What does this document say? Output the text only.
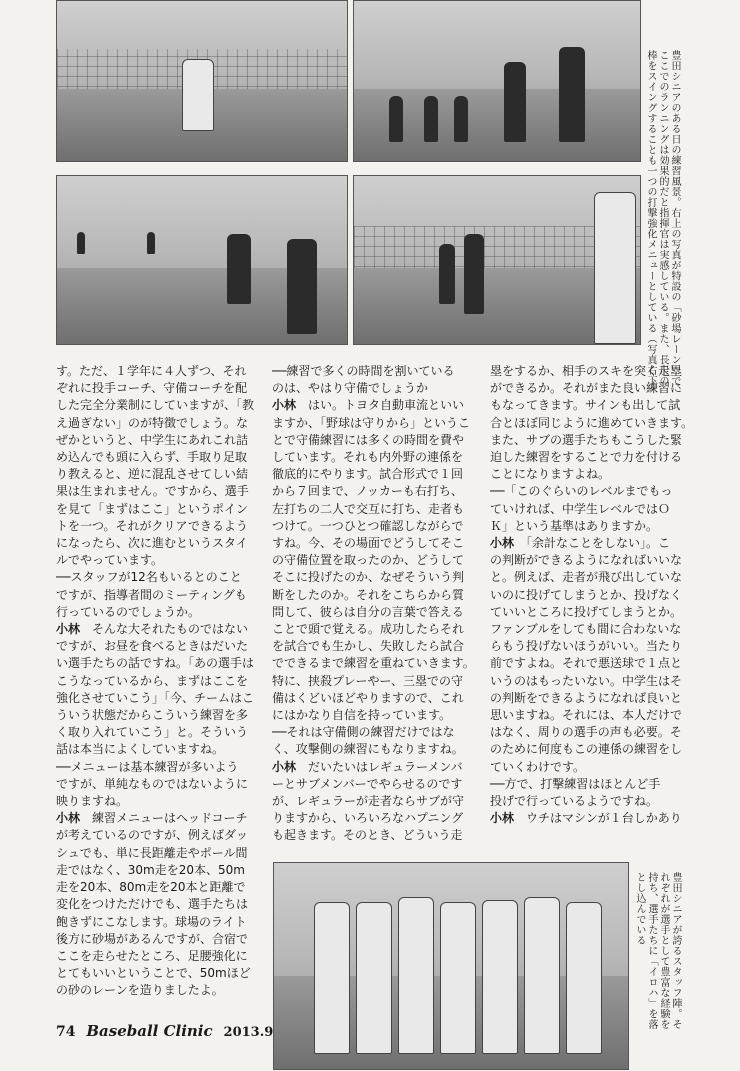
豊田シニアのある日の練習風景。右上の写真が特設の「砂場レーン」で、
ここでのランニングは効果的だと指揮官は実感している。また、長尺の
棒をスイングすることも一つの打撃強化メニューとしている（写真右下）
す。ただ、１学年に４人ずつ、それ
ぞれに投手コーチ、守備コーチを配
した完全分業制にしていますが、「教
え過ぎない」のが特徴でしょう。な
ぜかというと、中学生にあれこれ詰
め込んでも頭に入らず、手取り足取
り教えると、逆に混乱させてしい結
果は生まれません。ですから、選手
を見て「まずはここ」というポイン
トを一つ。それがクリアできるよう
になったら、次に進むというスタイ
ルでやっています。
──スタッフが12名もいるとのこと
ですが、指導者間のミーティングも
行っているのでしょうか。
小林　そんな大それたものではない
ですが、お昼を食べるときはだいた
い選手たちの話ですね。「あの選手は
こうなっているから、まずはここを
強化させていこう」「今、チームはこ
ういう状態だからこういう練習を多
く取り入れていこう」と。そういう
話は本当によくしていますね。
──メニューは基本練習が多いよう
ですが、単純なものではないように
映りますね。
小林　練習メニューはヘッドコーチ
が考えているのですが、例えばダッ
シュでも、単に長距離走やポール間
走ではなく、30m走を20本、50m
走を20本、80m走を20本と距離で
変化をつけただけでも、選手たちは
飽きずにこなします。球場のライト
後方に砂場があるんですが、合宿で
ここを走らせたところ、足腰強化に
とてもいいということで、50mほど
の砂のレーンを造りましたよ。
──練習で多くの時間を割いている
のは、やはり守備でしょうか
小林　はい。トヨタ自動車流といい
ますか、「野球は守りから」というこ
とで守備練習には多くの時間を費や
しています。それも内外野の連係を
徹底的にやります。試合形式で１回
から７回まで、ノッカーも右打ち、
左打ちの二人で交互に打ち、走者も
つけて。一つひとつ確認しながらで
すね。今、その場面でどうしてそこ
の守備位置を取ったのか、どうして
そこに投げたのか、なぜそういう判
断をしたのか。それをこちらから質
問して、彼らは自分の言葉で答える
ことで頭で覚える。成功したらそれ
を試合でも生かし、失敗したら試合
でできるまで練習を重ねていきます。
特に、挟殺プレーやー、三塁での守
備はくどいほどやりますので、これ
にはかなり自信を持っています。
──それは守備側の練習だけではな
く、攻撃側の練習にもなりますね。
小林　だいたいはレギュラーメンバ
ーとサブメンバーでやらせるのです
が、レギュラーが走者ならサブが守
りますから、いろいろなハプニング
も起きます。そのとき、どういう走
塁をするか、相手のスキを突く走塁
ができるか。それがまた良い練習に
もなってきます。サインも出して試
合とほぼ同じように進めていきます。
また、サブの選手たちもこうした緊
迫した練習をすることで力を付ける
ことになりますよね。
──「このぐらいのレベルまでもっ
ていければ、中学生レベルではＯ
Ｋ」という基準はありますか。
小林　「余計なことをしない」。こ
の判断ができるようになればいいな
と。例えば、走者が飛び出していな
いのに投げてしまうとか、投げなく
ていいところに投げてしまうとか。
ファンブルをしても間に合わないな
らもう投げないほうがいい。当たり
前ですよね。それで悪送球で１点と
いうのはもったいない。中学生はそ
の判断をできるようになれば良いと
思いますね。それには、本人だけで
はなく、周りの選手の声も必要。そ
のために何度もこの連係の練習をし
ていくわけです。
──方で、打撃練習はほとんど手
投げで行っているようですね。
小林　ウチはマシンが１台しかあり
豊田シニアが誇るスタッフ陣。そ
れぞれが選手として豊富な経験を
持ち、選手たちに「イロハ」を落
とし込んでいる
74 Baseball Clinic 2013.9
